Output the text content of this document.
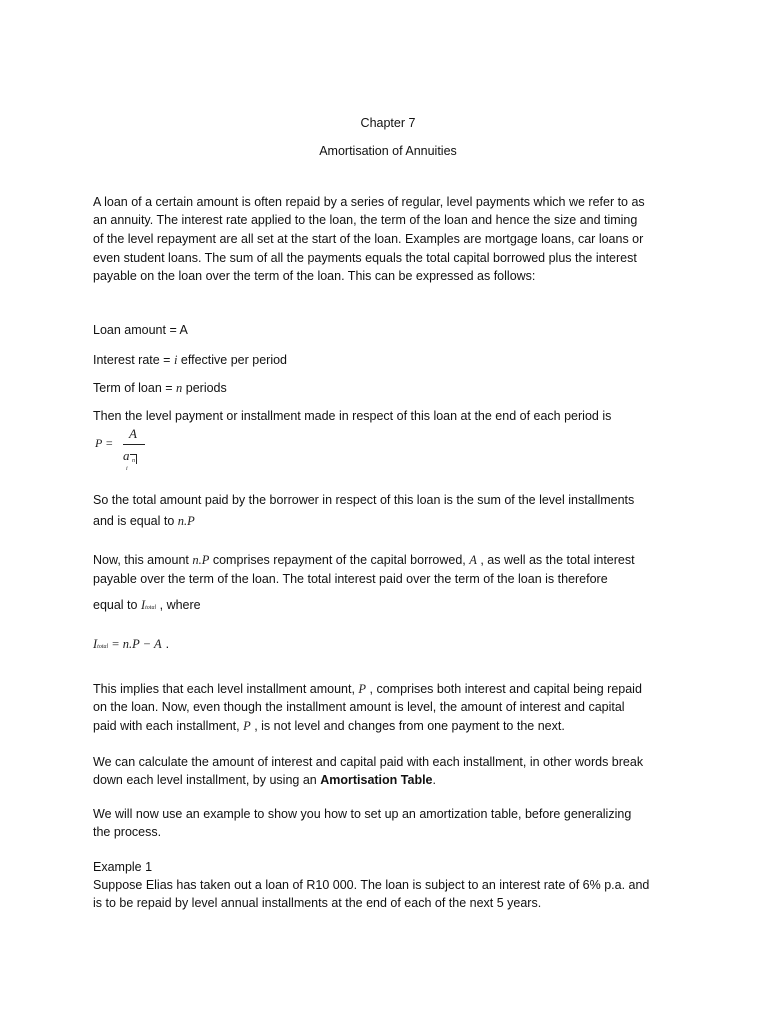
Chapter 7
Amortisation of Annuities
A loan of a certain amount is often repaid by a series of regular, level payments which we refer to as
an annuity. The interest rate applied to the loan, the term of the loan and hence the size and timing
of the level repayment are all set at the start of the loan. Examples are mortgage loans, car loans or
even student loans. The sum of all the payments equals the total capital borrowed plus the interest
payable on the loan over the term of the loan. This can be expressed as follows:
Loan amount = A
Interest rate = i effective per period
Term of loan = n periods
Then the level payment or installment made in respect of this loan at the end of each period is
P =
A
a n
i
So the total amount paid by the borrower in respect of this loan is the sum of the level installments
and is equal to n.P
Now, this amount n.P comprises repayment of the capital borrowed, A , as well as the total interest
payable over the term of the loan. The total interest paid over the term of the loan is therefore
equal to Itotal , where
Itotal = n.P − A .
This implies that each level installment amount, P , comprises both interest and capital being repaid
on the loan. Now, even though the installment amount is level, the amount of interest and capital
paid with each installment, P , is not level and changes from one payment to the next.
We can calculate the amount of interest and capital paid with each installment, in other words break
down each level installment, by using an Amortisation Table.
We will now use an example to show you how to set up an amortization table, before generalizing
the process.
Example 1
Suppose Elias has taken out a loan of R10 000. The loan is subject to an interest rate of 6% p.a. and
is to be repaid by level annual installments at the end of each of the next 5 years.
